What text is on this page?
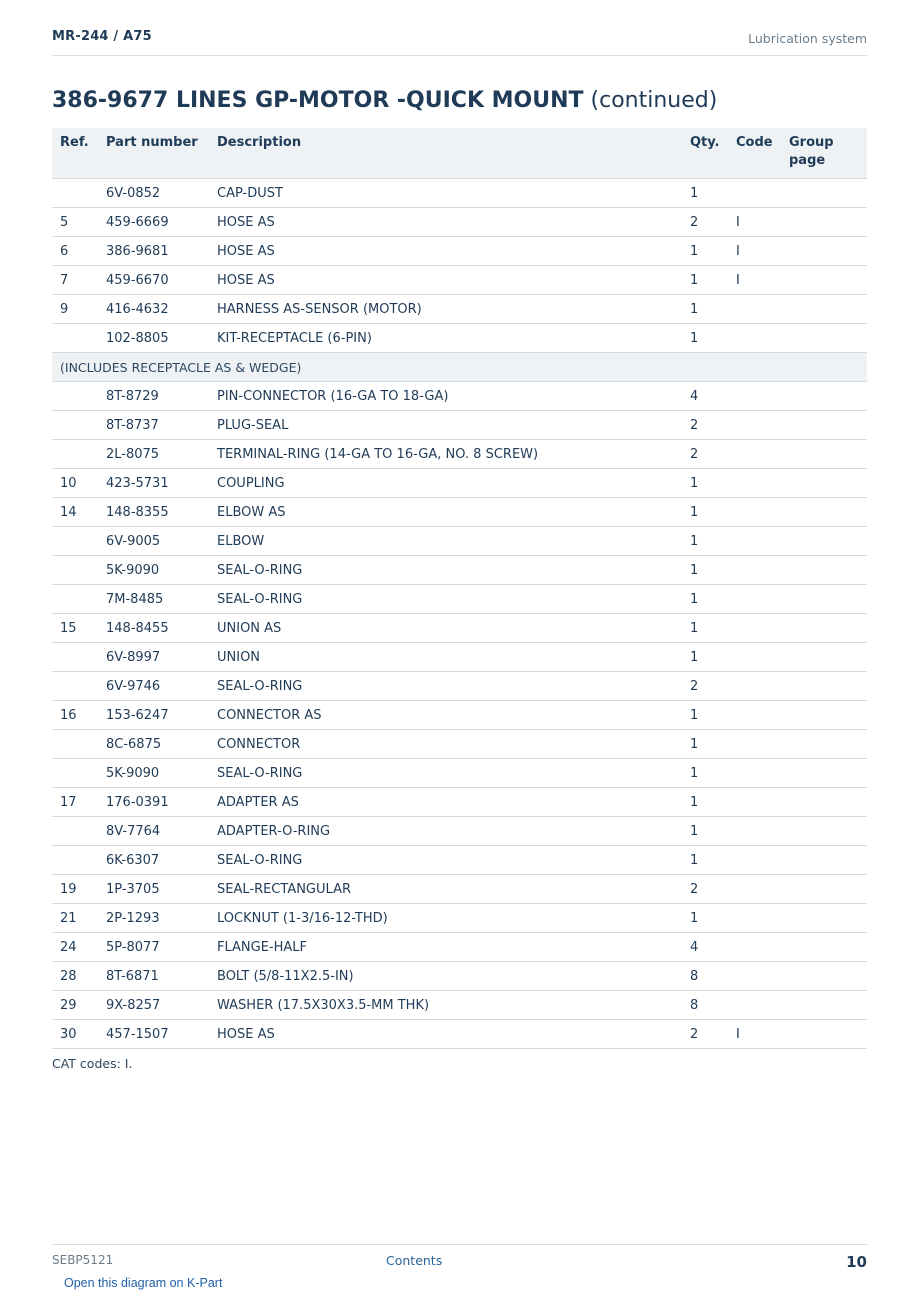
MR-244 / A75	Lubrication system
386-9677 LINES GP-MOTOR -QUICK MOUNT (continued)
Ref.	Part number	Description	Qty.	Code	Group page
	6V-0852	CAP-DUST	1		
5	459-6669	HOSE AS	2	I	
6	386-9681	HOSE AS	1	I	
7	459-6670	HOSE AS	1	I	
9	416-4632	HARNESS AS-SENSOR (MOTOR)	1		
	102-8805	KIT-RECEPTACLE (6-PIN)	1		
(INCLUDES RECEPTACLE AS & WEDGE)					
	8T-8729	PIN-CONNECTOR (16-GA TO 18-GA)	4		
	8T-8737	PLUG-SEAL	2		
	2L-8075	TERMINAL-RING (14-GA TO 16-GA, NO. 8 SCREW)	2		
10	423-5731	COUPLING	1		
14	148-8355	ELBOW AS	1		
	6V-9005	ELBOW	1		
	5K-9090	SEAL-O-RING	1		
	7M-8485	SEAL-O-RING	1		
15	148-8455	UNION AS	1		
	6V-8997	UNION	1		
	6V-9746	SEAL-O-RING	2		
16	153-6247	CONNECTOR AS	1		
	8C-6875	CONNECTOR	1		
	5K-9090	SEAL-O-RING	1		
17	176-0391	ADAPTER AS	1		
	8V-7764	ADAPTER-O-RING	1		
	6K-6307	SEAL-O-RING	1		
19	1P-3705	SEAL-RECTANGULAR	2		
21	2P-1293	LOCKNUT (1-3/16-12-THD)	1		
24	5P-8077	FLANGE-HALF	4		
28	8T-6871	BOLT (5/8-11X2.5-IN)	8		
29	9X-8257	WASHER (17.5X30X3.5-MM THK)	8		
30	457-1507	HOSE AS	2	I	
CAT codes: I.
SEBP5121	Contents	10
Open this diagram on K-Part
